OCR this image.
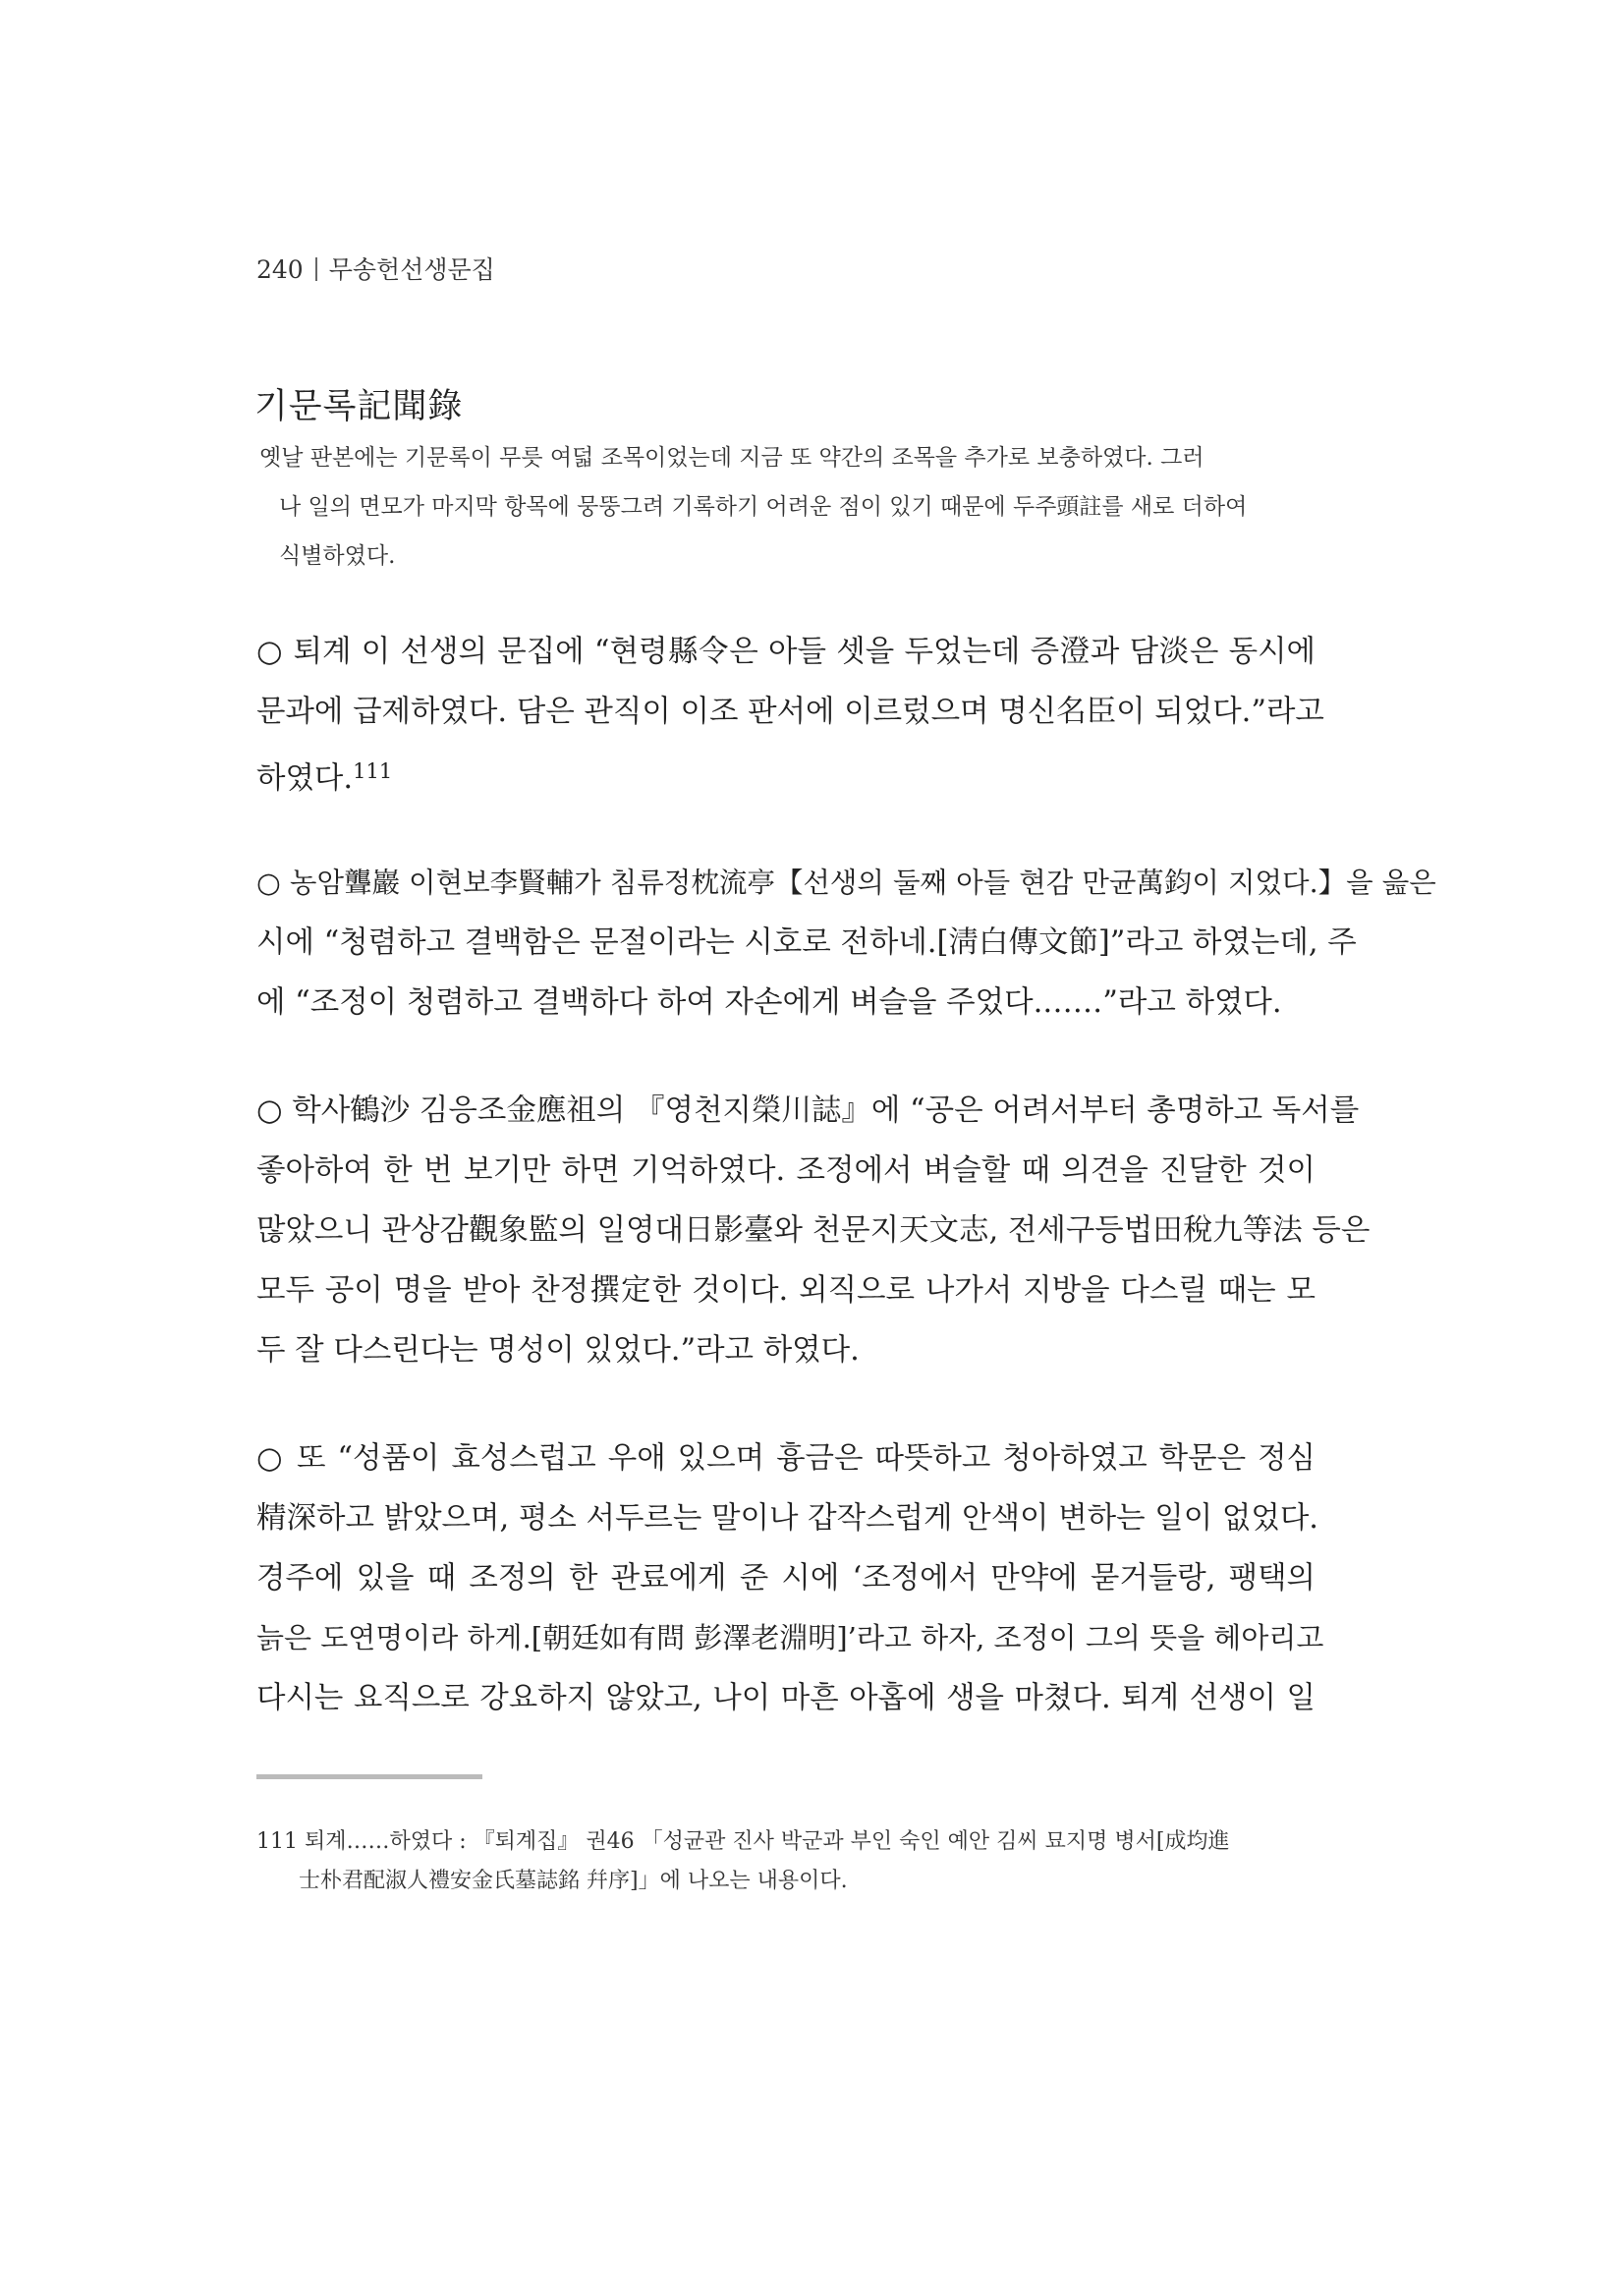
240 무송헌선생문집
기문록記聞錄
옛날 판본에는 기문록이 무릇 여덟 조목이었는데 지금 또 약간의 조목을 추가로 보충하였다. 그러
나 일의 면모가 마지막 항목에 뭉뚱그려 기록하기 어려운 점이 있기 때문에 두주頭註를 새로 더하여
식별하였다.
○ 퇴계 이 선생의 문집에 “현령縣令은 아들 셋을 두었는데 증澄과 담淡은 동시에
문과에 급제하였다. 담은 관직이 이조 판서에 이르렀으며 명신名臣이 되었다.”라고
하였다.$^{111}$
○ 농암聾巖 이현보李賢輔가 침류정枕流亭【선생의 둘째 아들 현감 만균萬鈞이 지었다.】을 읊은
시에 “청렴하고 결백함은 문절이라는 시호로 전하네.[淸白傳文節]”라고 하였는데, 주
에 “조정이 청렴하고 결백하다 하여 자손에게 벼슬을 주었다.……”라고 하였다.
○ 학사鶴沙 김응조金應祖의 『영천지榮川誌』에 “공은 어려서부터 총명하고 독서를
좋아하여 한 번 보기만 하면 기억하였다. 조정에서 벼슬할 때 의견을 진달한 것이
많았으니 관상감觀象監의 일영대日影臺와 천문지天文志, 전세구등법田稅九等法 등은
모두 공이 명을 받아 찬정撰定한 것이다. 외직으로 나가서 지방을 다스릴 때는 모
두 잘 다스린다는 명성이 있었다.”라고 하였다.
○ 또 “성품이 효성스럽고 우애 있으며 흉금은 따뜻하고 청아하였고 학문은 정심
精深하고 밝았으며, 평소 서두르는 말이나 갑작스럽게 안색이 변하는 일이 없었다.
경주에 있을 때 조정의 한 관료에게 준 시에 ‘조정에서 만약에 묻거들랑, 팽택의
늙은 도연명이라 하게.[朝廷如有問 彭澤老淵明]’라고 하자, 조정이 그의 뜻을 헤아리고
다시는 요직으로 강요하지 않았고, 나이 마흔 아홉에 생을 마쳤다. 퇴계 선생이 일
111 퇴계……하였다 : 『퇴계집』 권46 「성균관 진사 박군과 부인 숙인 예안 김씨 묘지명 병서[成均進
士朴君配淑人禮安金氏墓誌銘 幷序]」에 나오는 내용이다.
